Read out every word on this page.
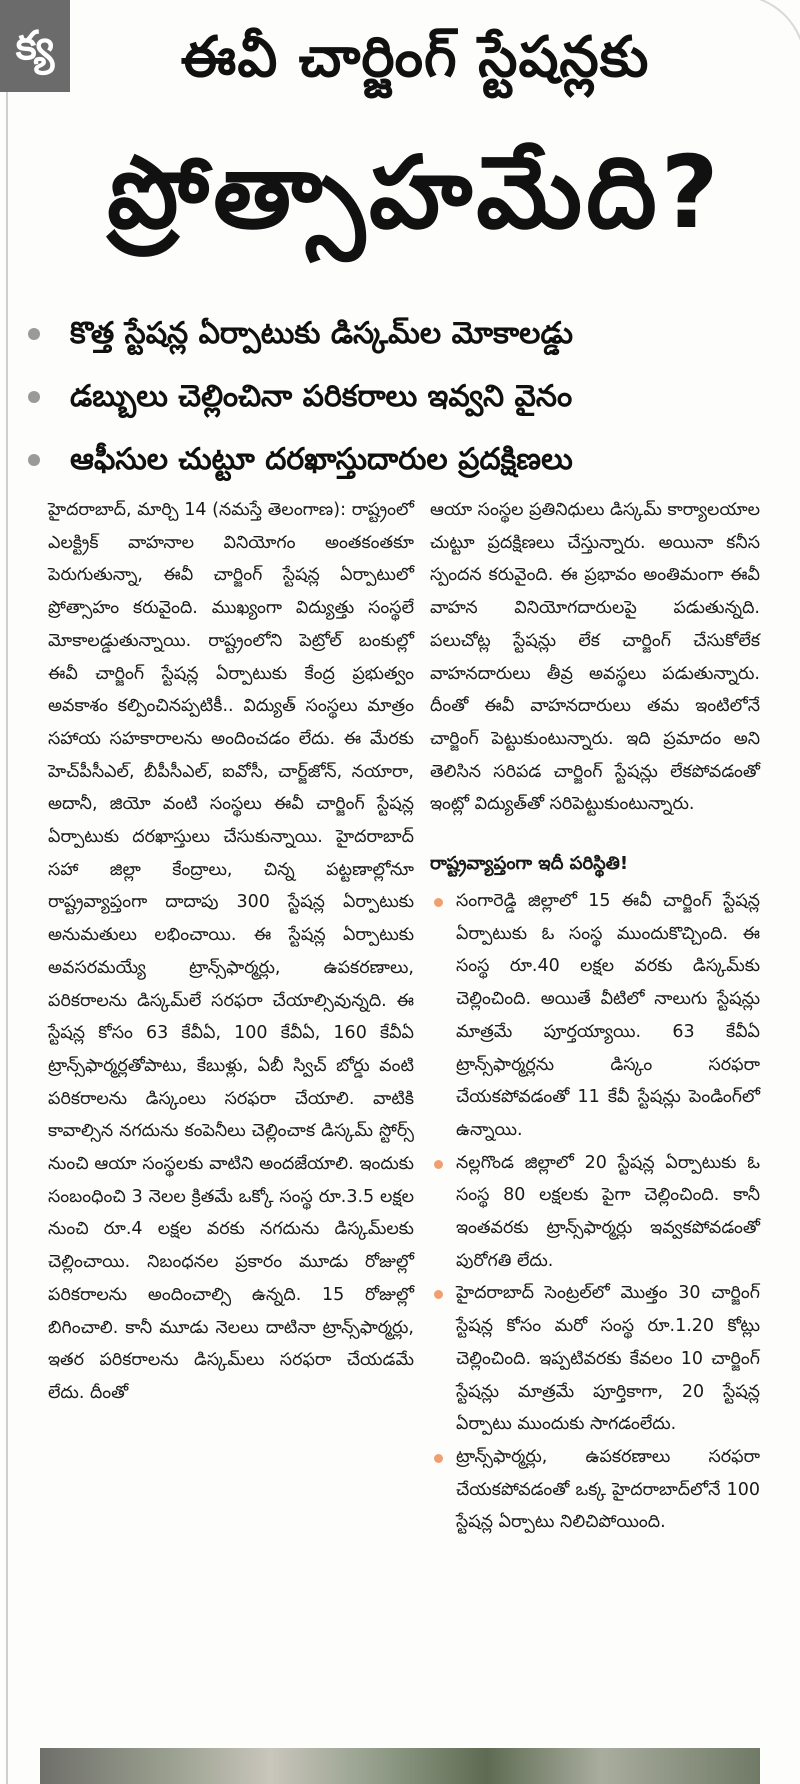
క్య	ఈవీ చార్జింగ్ స్టేషన్లకు
ప్రోత్సాహమేది?
కొత్త స్టేషన్ల ఏర్పాటుకు డిస్కమ్‌ల మోకాలడ్డు
డబ్బులు చెల్లించినా పరికరాలు ఇవ్వని వైనం
ఆఫీసుల చుట్టూ దరఖాస్తుదారుల ప్రదక్షిణలు

హైదరాబాద్, మార్చి 14 (నమస్తే తెలంగాణ): రాష్ట్రంలో ఎలక్ట్రిక్ వాహనాల వినియోగం అంతకంతకూ పెరుగుతున్నా, ఈవీ చార్జింగ్ స్టేషన్ల ఏర్పాటులో ప్రోత్సాహం కరువైంది. ముఖ్యంగా విద్యుత్తు సంస్థలే మోకాలడ్డుతున్నాయి. రాష్ట్రంలోని పెట్రోల్ బంకుల్లో ఈవీ చార్జింగ్ స్టేషన్ల ఏర్పాటుకు కేంద్ర ప్రభుత్వం అవకాశం కల్పించినప్పటికీ.. విద్యుత్ సంస్థలు మాత్రం సహాయ సహకారాలను అందించడం లేదు. ఈ మేరకు హెచ్‌పీసీఎల్, బీపీసీఎల్, ఐవోసీ, చార్జ్‌జోన్, నయారా, అదానీ, జియో వంటి సంస్థలు ఈవీ చార్జింగ్ స్టేషన్ల ఏర్పాటుకు దరఖాస్తులు చేసుకున్నాయి. హైదరాబాద్ సహా జిల్లా కేంద్రాలు, చిన్న పట్టణాల్లోనూ రాష్ట్రవ్యాప్తంగా దాదాపు 300 స్టేషన్ల ఏర్పాటుకు అనుమతులు లభించాయి. ఈ స్టేషన్ల ఏర్పాటుకు అవసరమయ్యే ట్రాన్స్‌ఫార్మర్లు, ఉపకరణాలు, పరికరాలను డిస్కమ్‌లే సరఫరా చేయాల్సివున్నది. ఈ స్టేషన్ల కోసం 63 కేవీఏ, 100 కేవీఏ, 160 కేవీఏ ట్రాన్స్‌ఫార్మర్లతోపాటు, కేబుళ్లు, ఏబీ స్విచ్ బోర్డు వంటి పరికరాలను డిస్కంలు సరఫరా చేయాలి. వాటికి కావాల్సిన నగదును కంపెనీలు చెల్లించాక డిస్కమ్ స్టోర్స్ నుంచి ఆయా సంస్థలకు వాటిని అందజేయాలి. ఇందుకు సంబంధించి 3 నెలల క్రితమే ఒక్కో సంస్థ రూ.3.5 లక్షల నుంచి రూ.4 లక్షల వరకు నగదును డిస్కమ్‌లకు చెల్లించాయి. నిబంధనల ప్రకారం మూడు రోజుల్లో పరికరాలను అందించాల్సి ఉన్నది. 15 రోజుల్లో బిగించాలి. కానీ మూడు నెలలు దాటినా ట్రాన్స్‌ఫార్మర్లు, ఇతర పరికరాలను డిస్కమ్‌లు సరఫరా చేయడమే లేదు. దీంతో

ఆయా సంస్థల ప్రతినిధులు డిస్కమ్ కార్యాలయాల చుట్టూ ప్రదక్షిణలు చేస్తున్నారు. అయినా కనీస స్పందన కరువైంది. ఈ ప్రభావం అంతిమంగా ఈవీ వాహన వినియోగదారులపై పడుతున్నది. పలుచోట్ల స్టేషన్లు లేక చార్జింగ్ చేసుకోలేక వాహనదారులు తీవ్ర అవస్థలు పడుతున్నారు. దీంతో ఈవీ వాహనదారులు తమ ఇంటిలోనే చార్జింగ్ పెట్టుకుంటున్నారు. ఇది ప్రమాదం అని తెలిసిన సరిపడ చార్జింగ్ స్టేషన్లు లేకపోవడంతో ఇంట్లో విద్యుత్‌తో సరిపెట్టుకుంటున్నారు.

రాష్ట్రవ్యాప్తంగా ఇదీ పరిస్థితి!

సంగారెడ్డి జిల్లాలో 15 ఈవీ చార్జింగ్ స్టేషన్ల ఏర్పాటుకు ఓ సంస్థ ముందుకొచ్చింది. ఈ సంస్థ రూ.40 లక్షల వరకు డిస్కమ్‌కు చెల్లించింది. అయితే వీటిలో నాలుగు స్టేషన్లు మాత్రమే పూర్తయ్యాయి. 63 కేవీఏ ట్రాన్స్‌ఫార్మర్లను డిస్కం సరఫరా చేయకపోవడంతో 11 కేవీ స్టేషన్లు పెండింగ్‌లో ఉన్నాయి.

నల్లగొండ జిల్లాలో 20 స్టేషన్ల ఏర్పాటుకు ఓ సంస్థ 80 లక్షలకు పైగా చెల్లించింది. కానీ ఇంతవరకు ట్రాన్స్‌ఫార్మర్లు ఇవ్వకపోవడంతో పురోగతి లేదు.

హైదరాబాద్ సెంట్రల్‌లో మొత్తం 30 చార్జింగ్ స్టేషన్ల కోసం మరో సంస్థ రూ.1.20 కోట్లు చెల్లించింది. ఇప్పటివరకు కేవలం 10 చార్జింగ్ స్టేషన్లు మాత్రమే పూర్తికాగా, 20 స్టేషన్ల ఏర్పాటు ముందుకు సాగడంలేదు.

ట్రాన్స్‌ఫార్మర్లు, ఉపకరణాలు సరఫరా చేయకపోవడంతో ఒక్క హైదరాబాద్‌లోనే 100 స్టేషన్ల ఏర్పాటు నిలిచిపోయింది.
